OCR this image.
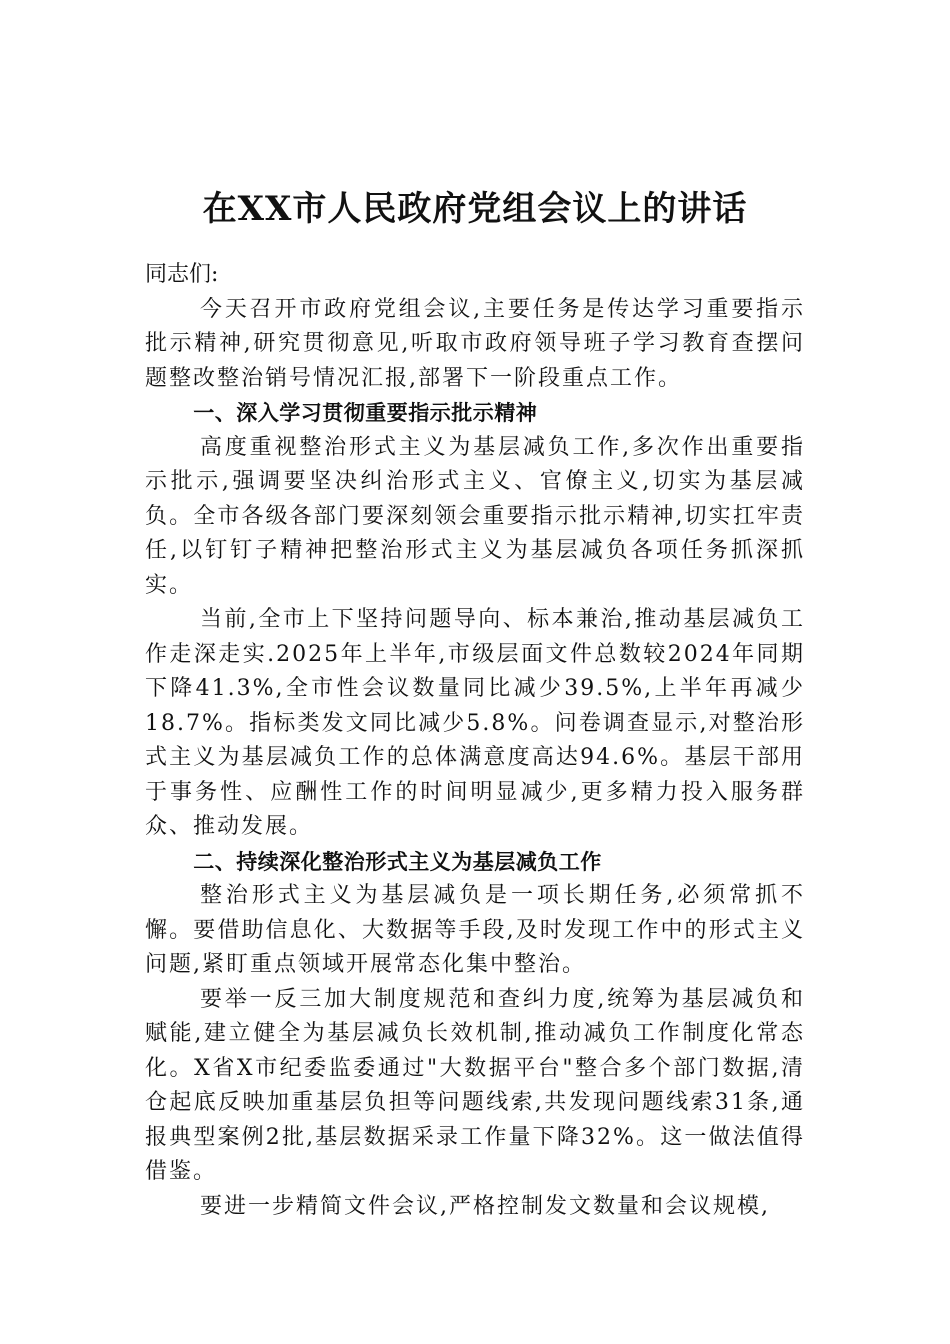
在XX市人民政府党组会议上的讲话

同志们:

今天召开市政府党组会议,主要任务是传达学习重要指示批示精神,研究贯彻意见,听取市政府领导班子学习教育查摆问题整改整治销号情况汇报,部署下一阶段重点工作。

一、深入学习贯彻重要指示批示精神

高度重视整治形式主义为基层减负工作,多次作出重要指示批示,强调要坚决纠治形式主义、官僚主义,切实为基层减负。全市各级各部门要深刻领会重要指示批示精神,切实扛牢责任,以钉钉子精神把整治形式主义为基层减负各项任务抓深抓实。

当前,全市上下坚持问题导向、标本兼治,推动基层减负工作走深走实.2025年上半年,市级层面文件总数较2024年同期下降41.3%,全市性会议数量同比减少39.5%,上半年再减少18.7%。指标类发文同比减少5.8%。问卷调查显示,对整治形式主义为基层减负工作的总体满意度高达94.6%。基层干部用于事务性、应酬性工作的时间明显减少,更多精力投入服务群众、推动发展。

二、持续深化整治形式主义为基层减负工作

整治形式主义为基层减负是一项长期任务,必须常抓不懈。要借助信息化、大数据等手段,及时发现工作中的形式主义问题,紧盯重点领域开展常态化集中整治。

要举一反三加大制度规范和查纠力度,统筹为基层减负和赋能,建立健全为基层减负长效机制,推动减负工作制度化常态化。X省X市纪委监委通过"大数据平台"整合多个部门数据,清仓起底反映加重基层负担等问题线索,共发现问题线索31条,通报典型案例2批,基层数据采录工作量下降32%。这一做法值得借鉴。

要进一步精简文件会议,严格控制发文数量和会议规模,
